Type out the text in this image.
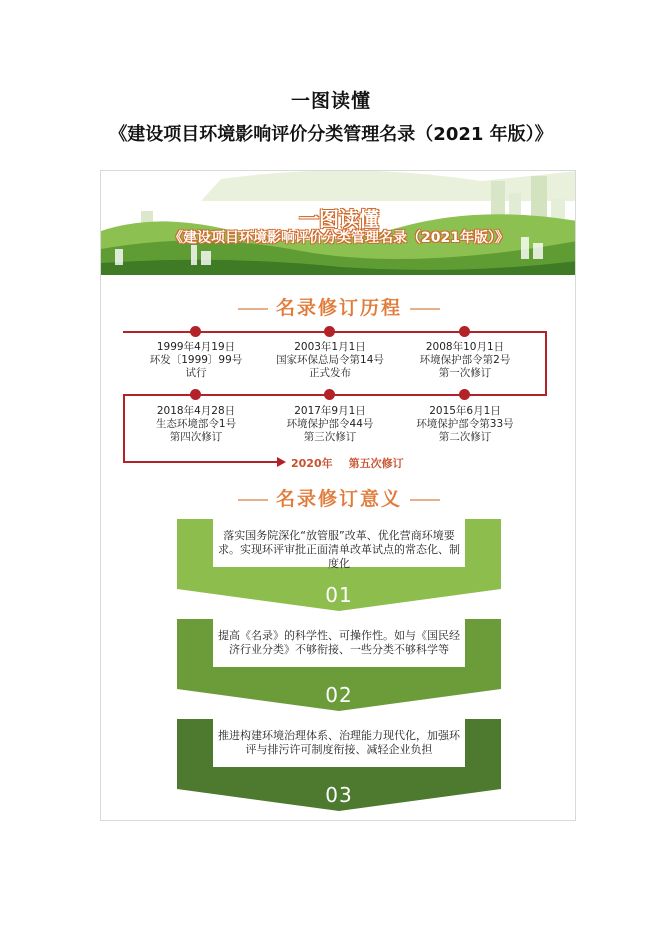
一图读懂
《建设项目环境影响评价分类管理名录（2021 年版）》
一图读懂
《建设项目环境影响评价分类管理名录（2021年版）》
名录修订历程
1999年4月19日
环发〔1999〕99号
试行
2003年1月1日
国家环保总局令第14号
正式发布
2008年10月1日
环境保护部令第2号
第一次修订
2018年4月28日
生态环境部令1号
第四次修订
2017年9月1日
环境保护部令44号
第三次修订
2015年6月1日
环境保护部令第33号
第二次修订
2020年 第五次修订
名录修订意义
落实国务院深化“放管服”改革、优化营商环境要求。实现环评审批正面清单改革试点的常态化、制度化
01
提高《名录》的科学性、可操作性。如与《国民经济行业分类》不够衔接、一些分类不够科学等
02
推进构建环境治理体系、治理能力现代化，加强环评与排污许可制度衔接、减轻企业负担
03
